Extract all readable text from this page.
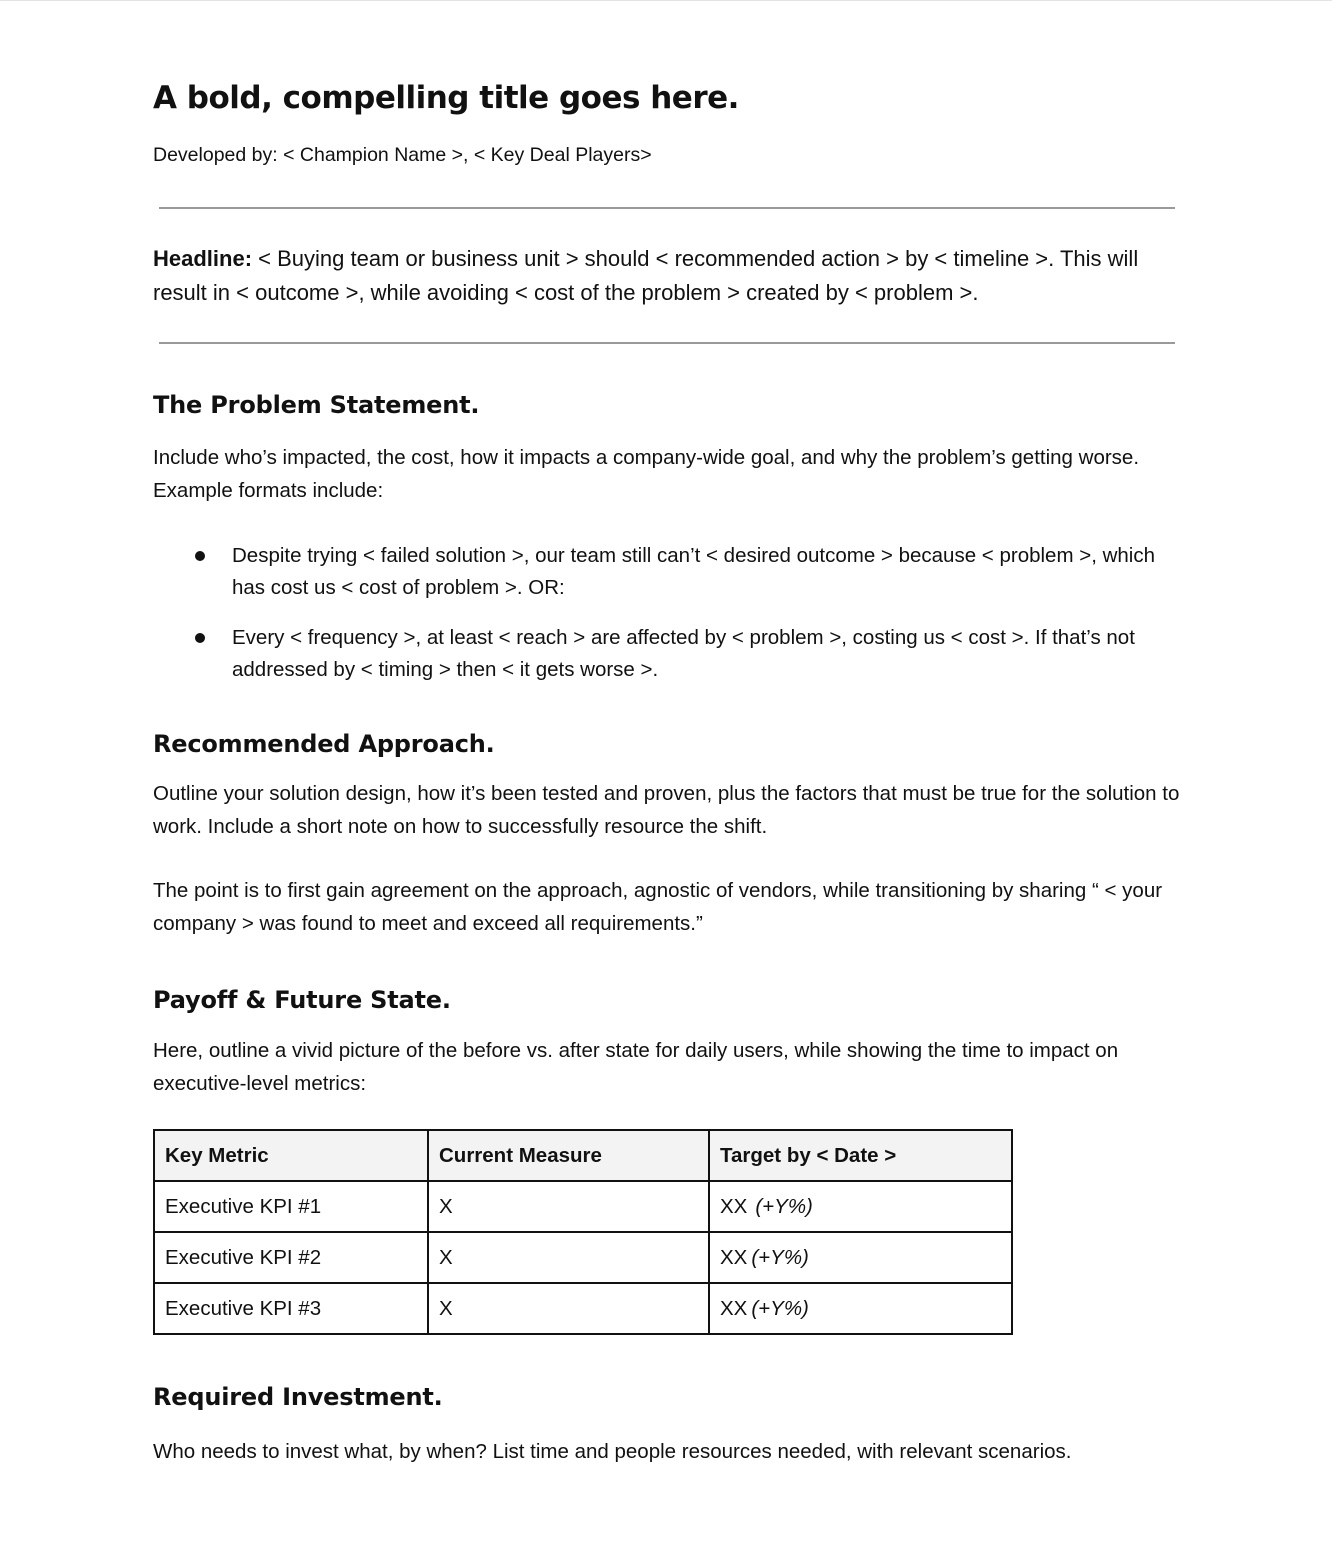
A bold, compelling title goes here.
Developed by: < Champion Name >, < Key Deal Players>
Headline: < Buying team or business unit > should < recommended action > by < timeline >. This will result in < outcome >, while avoiding < cost of the problem > created by < problem >.
The Problem Statement.

Include who’s impacted, the cost, how it impacts a company-wide goal, and why the problem’s getting worse. Example formats include:

Despite trying < failed solution >, our team still can’t < desired outcome > because < problem >, which has cost us < cost of problem >. OR:
Every < frequency >, at least < reach > are affected by < problem >, costing us < cost >. If that’s not addressed by < timing > then < it gets worse >.
Recommended Approach.

Outline your solution design, how it’s been tested and proven, plus the factors that must be true for the solution to work. Include a short note on how to successfully resource the shift.

The point is to first gain agreement on the approach, agnostic of vendors, while transitioning by sharing “ < your company > was found to meet and exceed all requirements.”

Payoff & Future State.

Here, outline a vivid picture of the before vs. after state for daily users, while showing the time to impact on executive-level metrics:

Key Metric	Current Measure	Target by < Date >
Executive KPI #1	X	XX (+Y%)
Executive KPI #2	X	XX (+Y%)
Executive KPI #3	X	XX (+Y%)
Required Investment.

Who needs to invest what, by when? List time and people resources needed, with relevant scenarios.
